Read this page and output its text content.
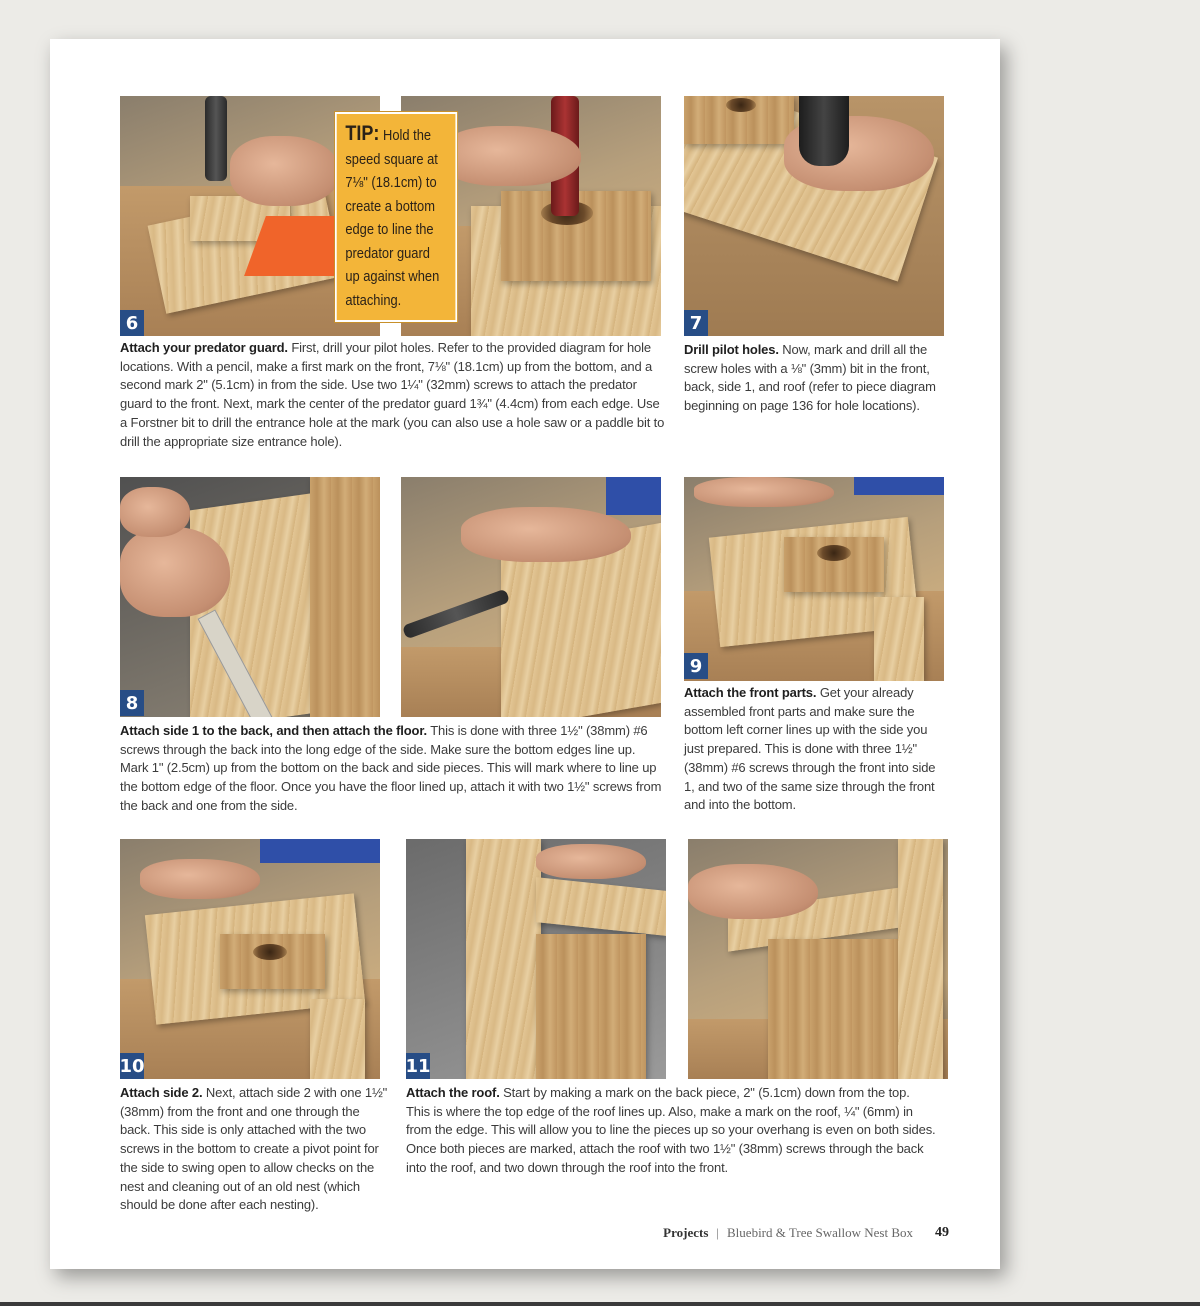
TIP: Hold the speed square at 7⅛" (18.1cm) to create a bottom edge to line the predator guard up against when attaching.
6	7
Attach your predator guard. First, drill your pilot holes. Refer to the provided diagram for hole locations. With a pencil, make a first mark on the front, 7⅛" (18.1cm) up from the bottom, and a second mark 2" (5.1cm) in from the side. Use two 1¼" (32mm) screws to attach the predator guard to the front. Next, mark the center of the predator guard 1¾" (4.4cm) from each edge. Use a Forstner bit to drill the entrance hole at the mark (you can also use a hole saw or a paddle bit to drill the appropriate size entrance hole).
Drill pilot holes. Now, mark and drill all the screw holes with a ⅛" (3mm) bit in the front, back, side 1, and roof (refer to piece diagram beginning on page 136 for hole locations).
8
9
Attach side 1 to the back, and then attach the floor. This is done with three 1½" (38mm) #6 screws through the back into the long edge of the side. Make sure the bottom edges line up. Mark 1" (2.5cm) up from the bottom on the back and side pieces. This will mark where to line up the bottom edge of the floor. Once you have the floor lined up, attach it with two 1½" screws from the back and one from the side.
Attach the front parts. Get your already assembled front parts and make sure the bottom left corner lines up with the side you just prepared. This is done with three 1½" (38mm) #6 screws through the front into side 1, and two of the same size through the front and into the bottom.
10	11
Attach side 2. Next, attach side 2 with one 1½" (38mm) from the front and one through the back. This side is only attached with the two screws in the bottom to create a pivot point for the side to swing open to allow checks on the nest and cleaning out of an old nest (which should be done after each nesting).
Attach the roof. Start by making a mark on the back piece, 2" (5.1cm) down from the top. This is where the top edge of the roof lines up. Also, make a mark on the roof, ¼" (6mm) in from the edge. This will allow you to line the pieces up so your overhang is even on both sides. Once both pieces are marked, attach the roof with two 1½" (38mm) screws through the back into the roof, and two down through the roof into the front.
Projects | Bluebird & Tree Swallow Nest Box 49
